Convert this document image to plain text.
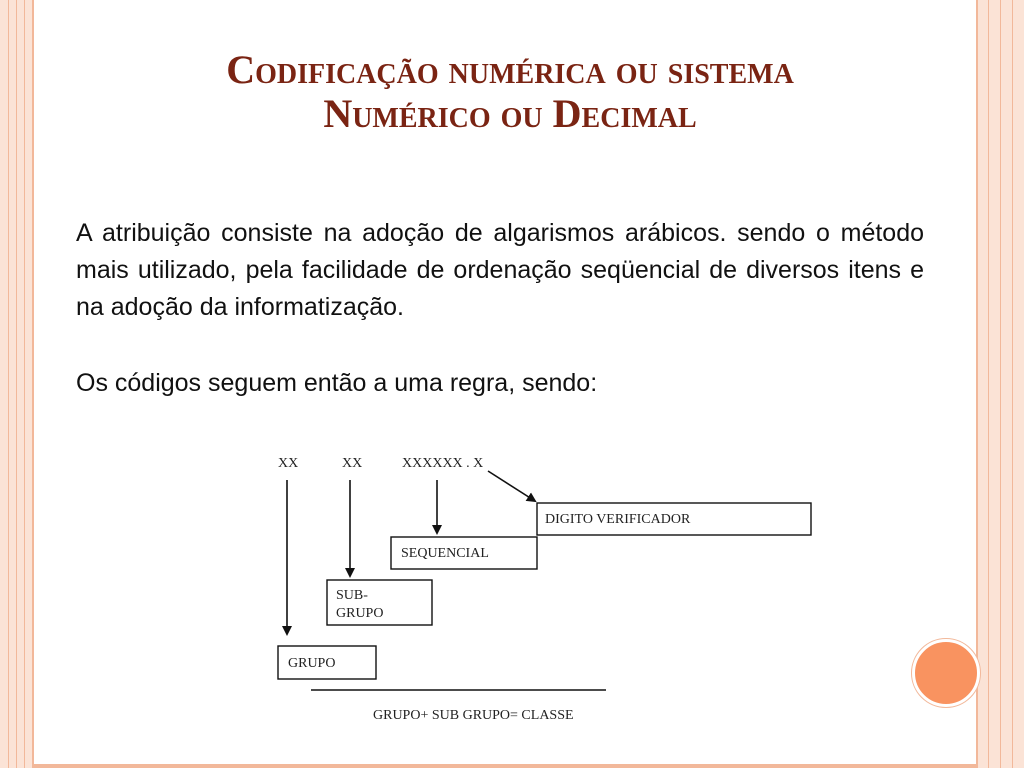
Codificação numérica ou sistema
Numérico ou Decimal

A atribuição consiste na adoção de algarismos arábicos. sendo o método mais utilizado, pela facilidade de ordenação seqüencial de diversos itens e na adoção da informatização.

Os códigos seguem então a uma regra, sendo:

XX	XX	XXXXXX . X
DIGITO VERIFICADOR
SEQUENCIAL
SUB-
GRUPO
GRUPO
GRUPO+ SUB GRUPO= CLASSE
